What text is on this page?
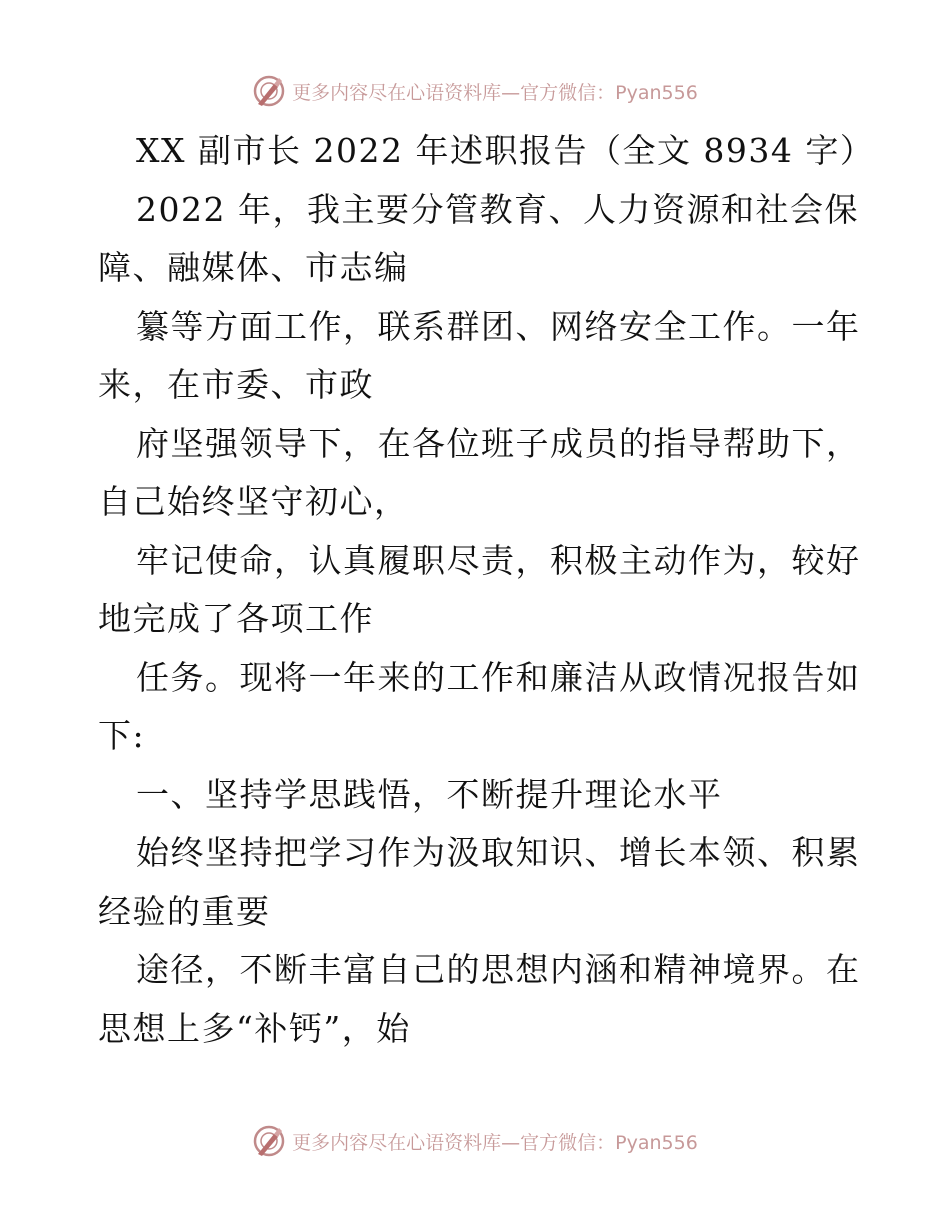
更多内容尽在心语资料库—官方微信：Pyan556
XX 副市长 2022 年述职报告（全文 8934 字）
2022 年，我主要分管教育、人力资源和社会保
障、融媒体、市志编
纂等方面工作，联系群团、网络安全工作。一年
来，在市委、市政
府坚强领导下，在各位班子成员的指导帮助下，
自己始终坚守初心，
牢记使命，认真履职尽责，积极主动作为，较好
地完成了各项工作
任务。现将一年来的工作和廉洁从政情况报告如
下:
一、坚持学思践悟，不断提升理论水平
始终坚持把学习作为汲取知识、增长本领、积累
经验的重要
途径，不断丰富自己的思想内涵和精神境界。在
思想上多“补钙”，始
更多内容尽在心语资料库—官方微信：Pyan556
